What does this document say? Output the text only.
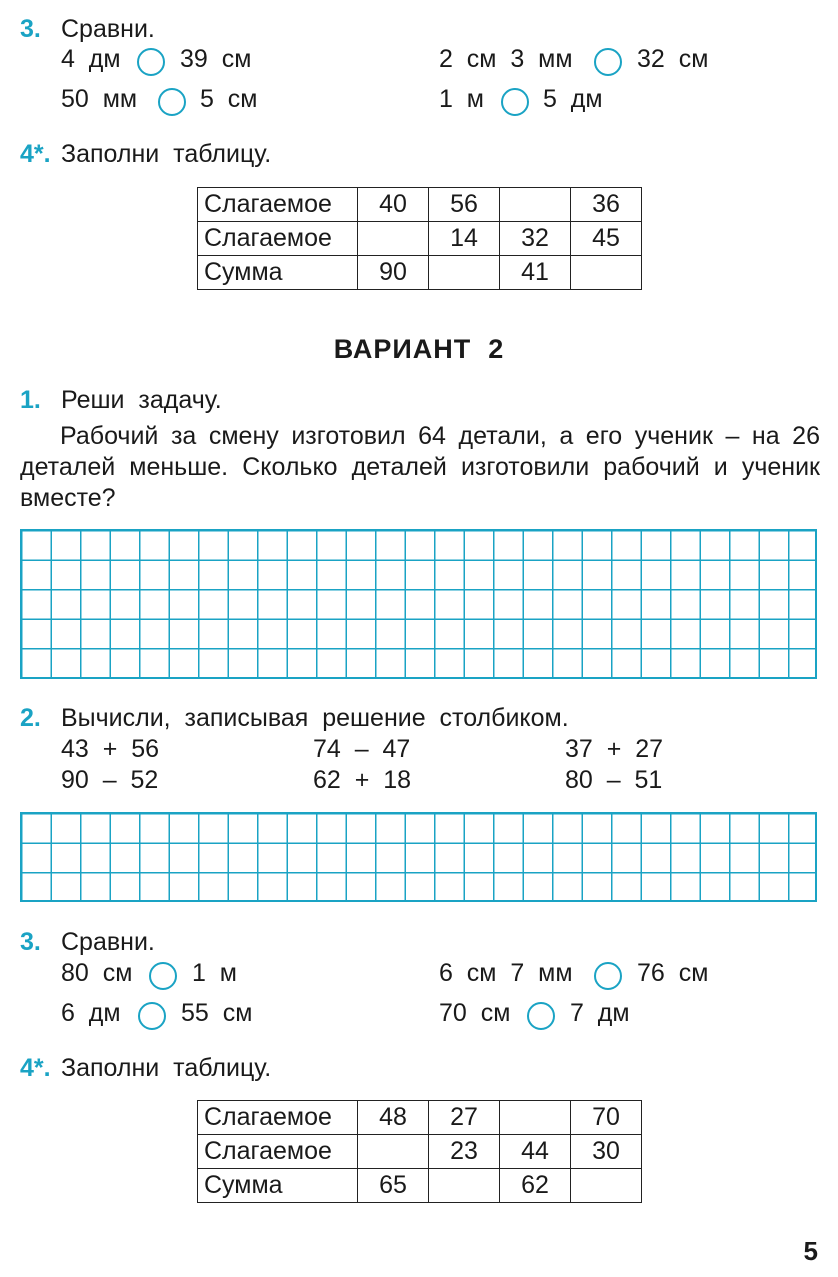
3. Сравни.
4  дм 39  см	2  см  3  мм	32  см
50  мм	5  см	1  м 5  дм
4*. Заполни  таблицу.
Слагаемое	40	56		36
Слагаемое		14	32	45
Сумма	90		41	
ВАРИАНТ  2
1. Реши  задачу.
Рабочий за смену изготовил 64 детали, а его ученик – на 26 деталей меньше. Сколько деталей изготовили рабочий и ученик вместе?
2. Вычисли,  записывая  решение  столбиком.
43  +  56	74  –  47	37  +  27
90  –  52	62  +  18	80  –  51
3. Сравни.
80  см 1  м	6  см  7  мм	76  см
6  дм 55  см	70  см 7  дм
4*. Заполни  таблицу.
Слагаемое	48	27		70
Слагаемое		23	44	30
Сумма	65		62	
5
